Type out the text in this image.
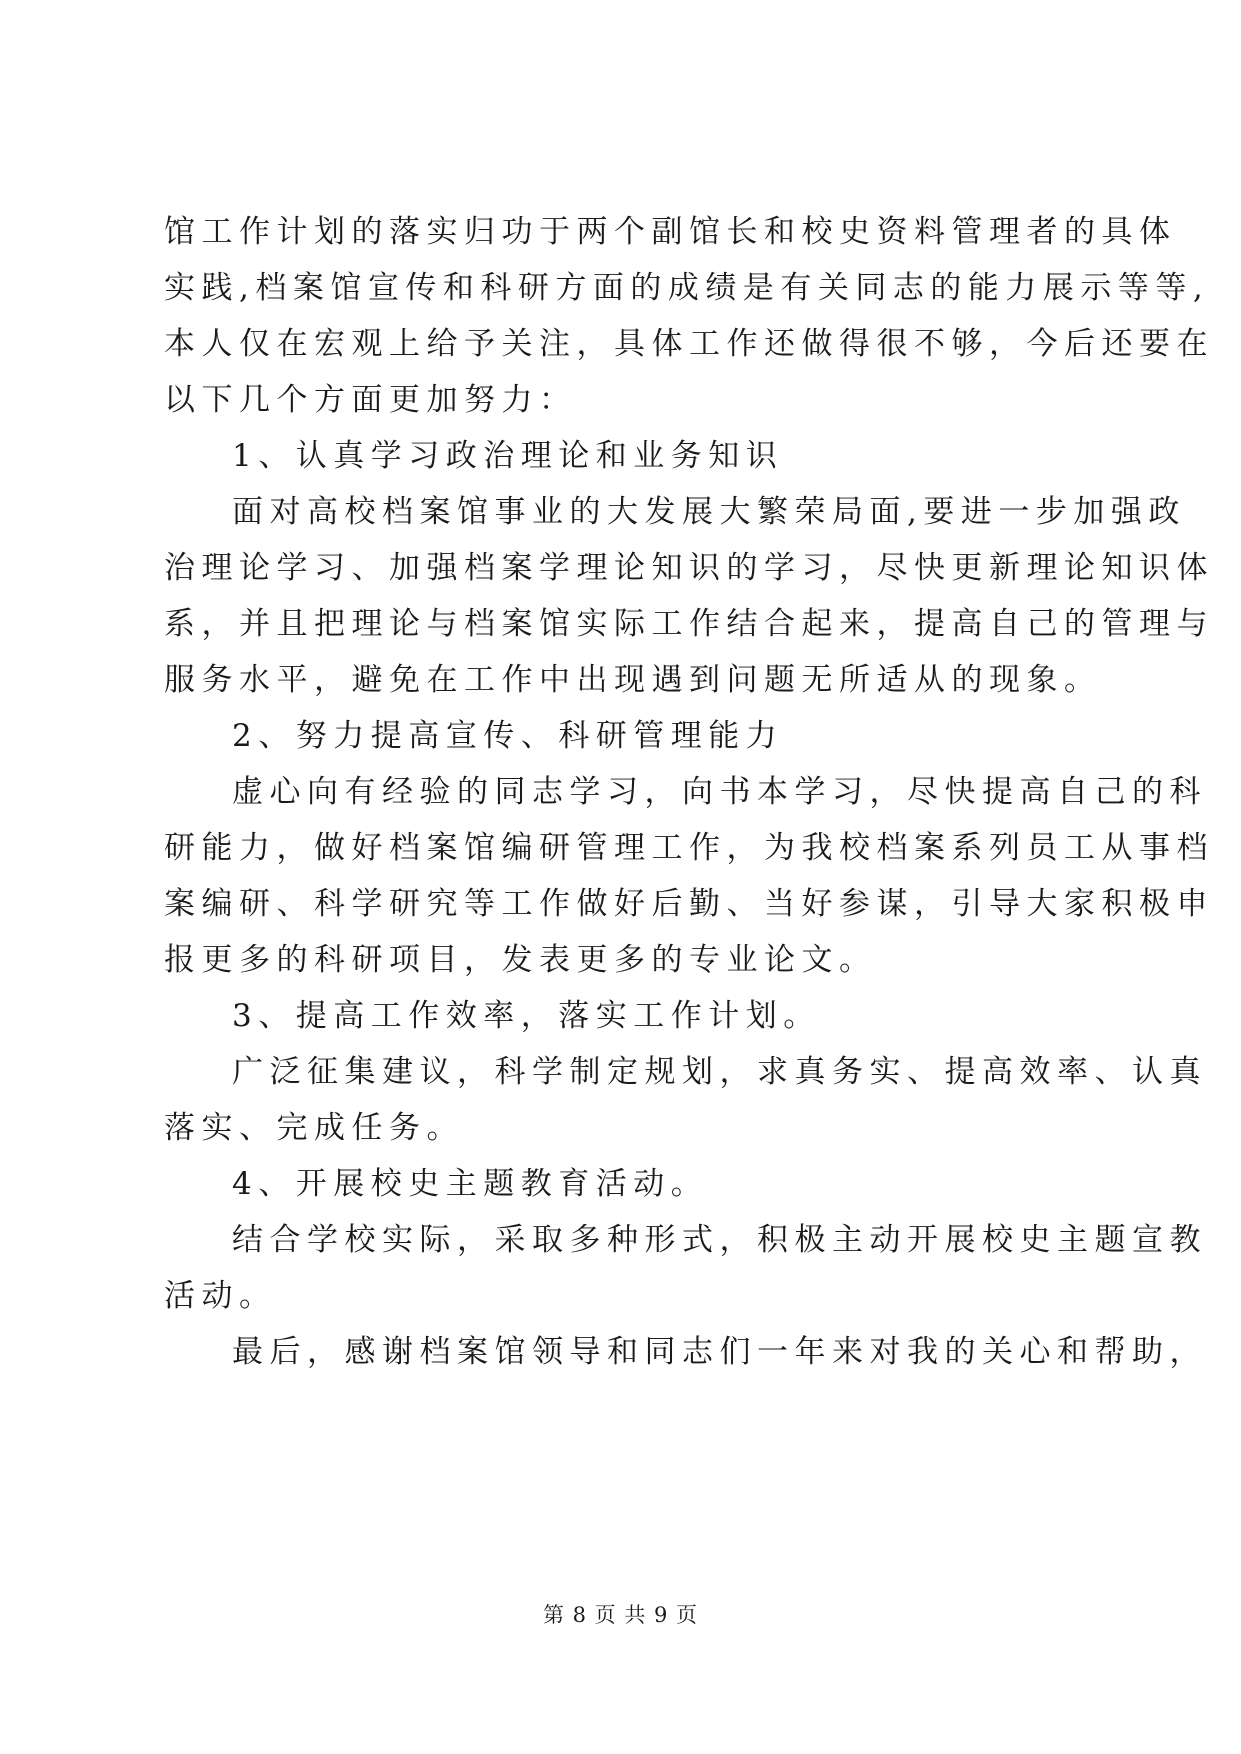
馆工作计划的落实归功于两个副馆长和校史资料管理者的具体
实践,档案馆宣传和科研方面的成绩是有关同志的能力展示等等,
本人仅在宏观上给予关注，具体工作还做得很不够，今后还要在
以下几个方面更加努力：
1、认真学习政治理论和业务知识
面对高校档案馆事业的大发展大繁荣局面,要进一步加强政
治理论学习、加强档案学理论知识的学习，尽快更新理论知识体
系，并且把理论与档案馆实际工作结合起来，提高自己的管理与
服务水平，避免在工作中出现遇到问题无所适从的现象。
2、努力提高宣传、科研管理能力
虚心向有经验的同志学习，向书本学习，尽快提高自己的科
研能力，做好档案馆编研管理工作，为我校档案系列员工从事档
案编研、科学研究等工作做好后勤、当好参谋，引导大家积极申
报更多的科研项目，发表更多的专业论文。
3、提高工作效率，落实工作计划。
广泛征集建议，科学制定规划，求真务实、提高效率、认真
落实、完成任务。
4、开展校史主题教育活动。
结合学校实际，采取多种形式，积极主动开展校史主题宣教
活动。
最后，感谢档案馆领导和同志们一年来对我的关心和帮助，
第 8 页 共 9 页
